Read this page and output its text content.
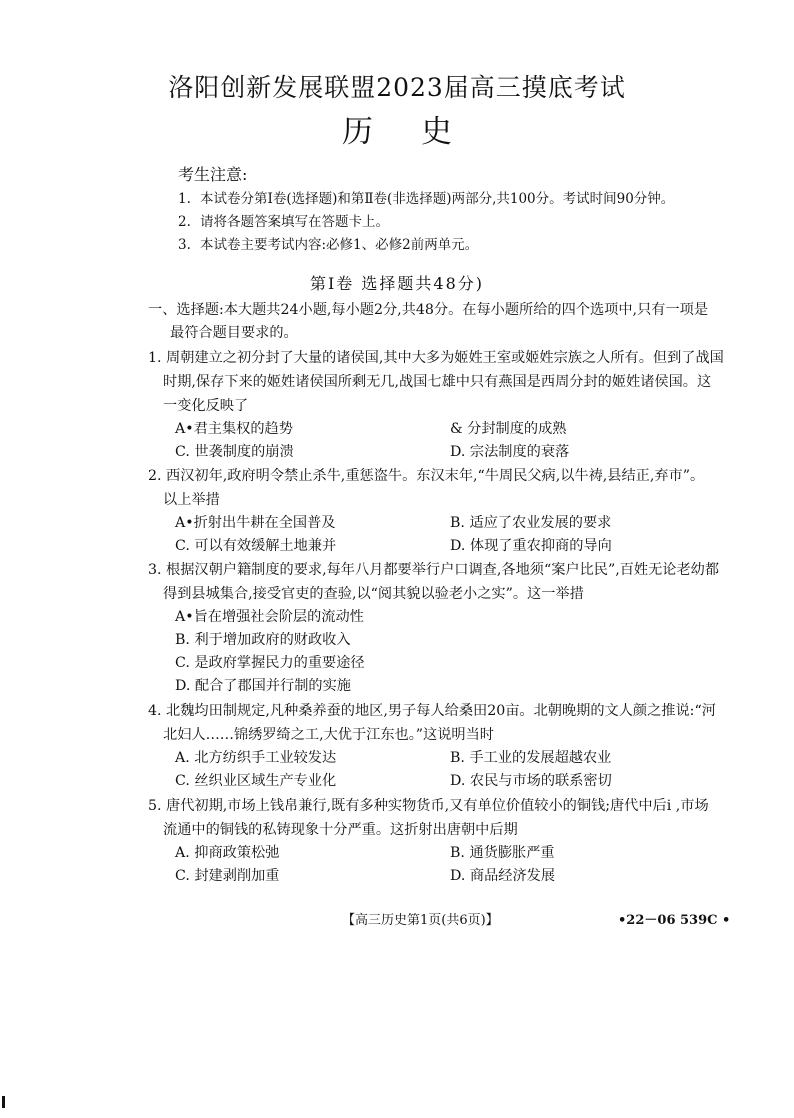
洛阳创新发展联盟2023届高三摸底考试
历史
考生注意:
1. 本试卷分第Ⅰ卷(选择题)和第Ⅱ卷(非选择题)两部分,共100分。考试时间90分钟。
2. 请将各题答案填写在答题卡上。
3. 本试卷主要考试内容:必修1、必修2前两单元。
第Ⅰ卷 选择题共48分)
一、选择题:本大题共24小题,每小题2分,共48分。在每小题所给的四个选项中,只有一项是
最符合题目要求的。
1. 周朝建立之初分封了大量的诸侯国,其中大多为姬姓王室或姬姓宗族之人所有。但到了战国
时期,保存下来的姬姓诸侯国所剩无几,战国七雄中只有燕国是西周分封的姬姓诸侯国。这
一变化反映了
A•君主集权的趋势	& 分封制度的成熟
C. 世袭制度的崩溃	D. 宗法制度的衰落
2. 西汉初年,政府明令禁止杀牛,重惩盗牛。东汉末年,“牛周民父病,以牛祷,县结正,弃市”。
以上举措
A•折射出牛耕在全国普及	B. 适应了农业发展的要求
C. 可以有效缓解土地兼并	D. 体现了重农抑商的导向
3. 根据汉朝户籍制度的要求,每年八月都要举行户口调查,各地须“案户比民”,百姓无论老幼都
得到县城集合,接受官吏的查验,以“阅其貌以验老小之实”。这一举措
A•旨在增强社会阶层的流动性
B. 利于增加政府的财政收入
C. 是政府掌握民力的重要途径
D. 配合了郡国并行制的实施
4. 北魏均田制规定,凡种桑养蚕的地区,男子每人给桑田20亩。北朝晚期的文人颜之推说:“河
北妇人……锦绣罗绮之工,大优于江东也。”这说明当时
A. 北方纺织手工业较发达	B. 手工业的发展超越农业
C. 丝织业区域生产专业化	D. 农民与市场的联系密切
5. 唐代初期,市场上钱帛兼行,既有多种实物货币,又有单位价值较小的铜钱;唐代中后i ,市场
流通中的铜钱的私铸现象十分严重。这折射出唐朝中后期
A. 抑商政策松弛	B. 通货膨胀严重
C. 封建剥削加重	D. 商品经济发展
【高三历史第1页(共6页)】	•22－06 539C •
